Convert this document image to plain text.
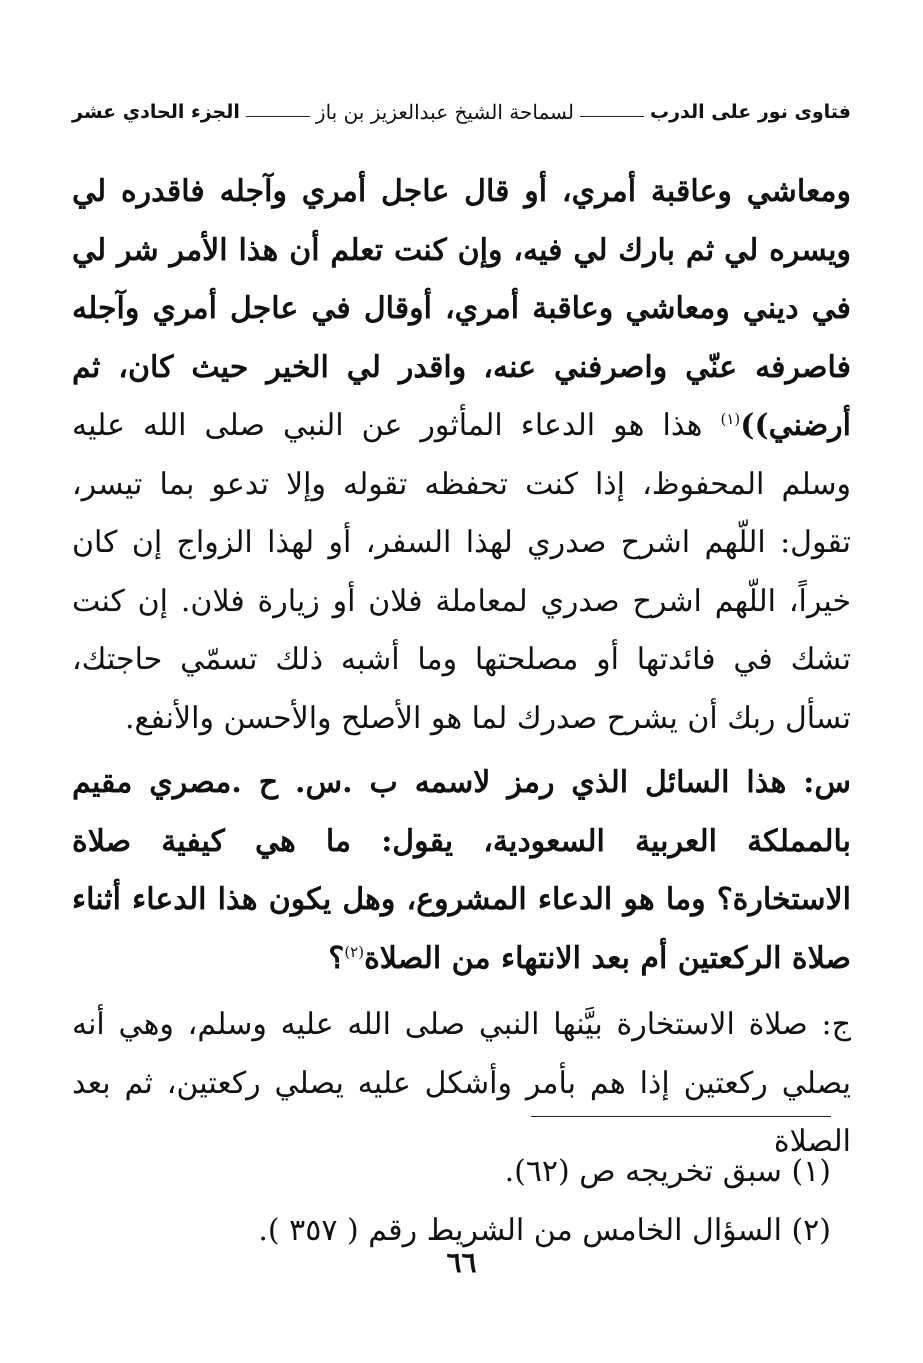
فتاوى نور على الدرب
لسماحة الشيخ عبدالعزيز بن باز
الجزء الحادي عشر

ومعاشي وعاقبة أمري، أو قال عاجل أمري وآجله فاقدره لي ويسره لي ثم بارك لي فيه، وإن كنت تعلم أن هذا الأمر شر لي في ديني ومعاشي وعاقبة أمري، أوقال في عاجل أمري وآجله فاصرفه عنّي واصرفني عنه، واقدر لي الخير حيث كان، ثم أرضني))$^{(١)}$ هذا هو الدعاء المأثور عن النبي صلى الله عليه وسلم المحفوظ، إذا كنت تحفظه تقوله وإلا تدعو بما تيسر، تقول: اللّهم اشرح صدري لهذا السفر، أو لهذا الزواج إن كان خيراً، اللّهم اشرح صدري لمعاملة فلان أو زيارة فلان. إن كنت تشك في فائدتها أو مصلحتها وما أشبه ذلك تسمّي حاجتك، تسأل ربك أن يشرح صدرك لما هو الأصلح والأحسن والأنفع.

س: هذا السائل الذي رمز لاسمه ب .س. ح .مصري مقيم بالمملكة العربية السعودية، يقول: ما هي كيفية صلاة الاستخارة؟ وما هو الدعاء المشروع، وهل يكون هذا الدعاء أثناء صلاة الركعتين أم بعد الانتهاء من الصلاة$^{(٢)}$؟

ج: صلاة الاستخارة بيَّنها النبي صلى الله عليه وسلم، وهي أنه يصلي ركعتين إذا هم بأمر وأشكل عليه يصلي ركعتين، ثم بعد الصلاة

(١) سبق تخريجه ص (٦٢).

(٢) السؤال الخامس من الشريط رقم ( ٣٥٧ ).

٦٦
